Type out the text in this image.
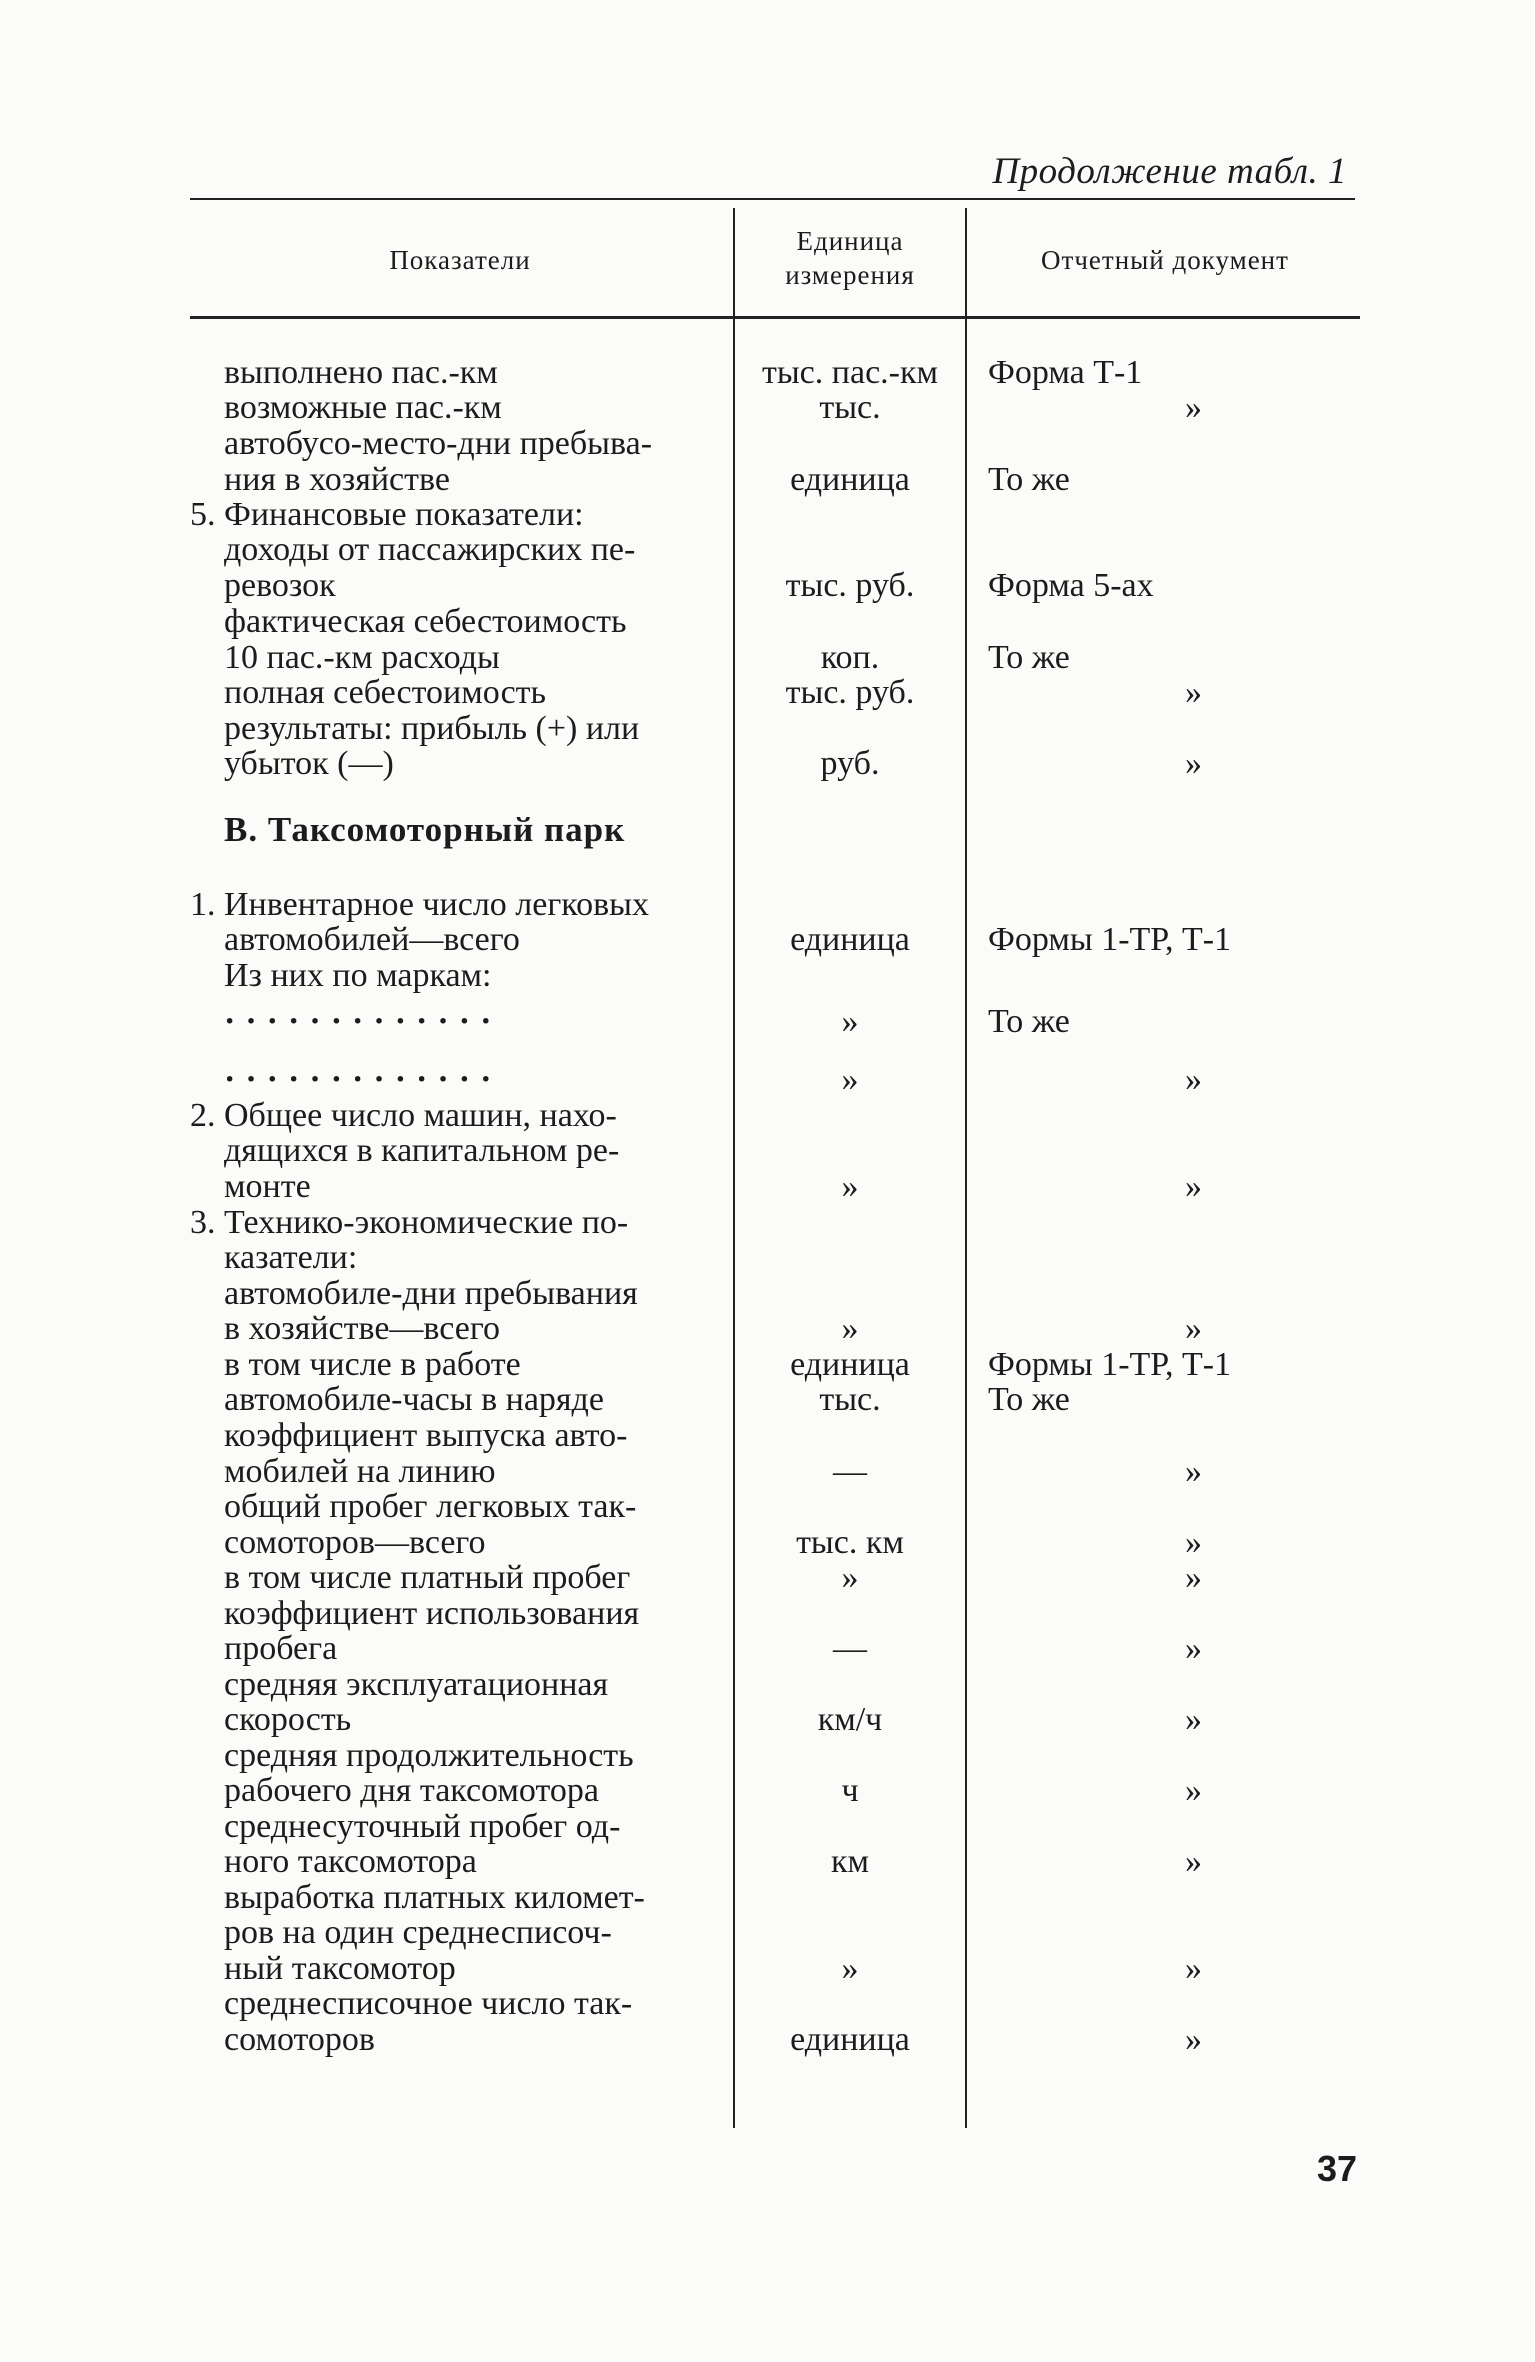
Продолжение табл. 1
Показатели
Единица измерения	Отчетный документ
В. Таксомоторный парк
выполнено пас.-км	тыс. пас.-км	Форма Т-1
возможные пас.-км	тыс.	»
автобусо-место-дни пребыва-
ния в хозяйстве	единица	То же
5. Финансовые показатели:
доходы от пассажирских пе-
ревозок	тыс. руб.	Форма 5-ах
фактическая себестоимость
10 пас.-км расходы	коп.	То же
полная себестоимость	тыс. руб.	»
результаты: прибыль (+) или
убыток (—)	руб.	»
1. Инвентарное число легковых
автомобилей—всего	единица	Формы 1-ТР, Т-1
Из них по маркам:
·············	»	То же
·············	»	»
2. Общее число машин, нахо-
дящихся в капитальном ре-
монте	»	»
3. Технико-экономические по-
казатели:
автомобиле-дни пребывания
в хозяйстве—всего	»	»
в том числе в работе	единица	Формы 1-ТР, Т-1
автомобиле-часы в наряде	тыс.	То же
коэффициент выпуска авто-
мобилей на линию	—	»
общий пробег легковых так-
сомоторов—всего	тыс. км	»
в том числе платный пробег	»	»
коэффициент использования
пробега	—	»
средняя эксплуатационная
скорость	км/ч	»
средняя продолжительность
рабочего дня таксомотора	ч	»
среднесуточный пробег од-
ного таксомотора	км	»
выработка платных километ-
ров на один среднесписоч-
ный таксомотор	»	»
среднесписочное число так-
сомоторов	единица	»
37
